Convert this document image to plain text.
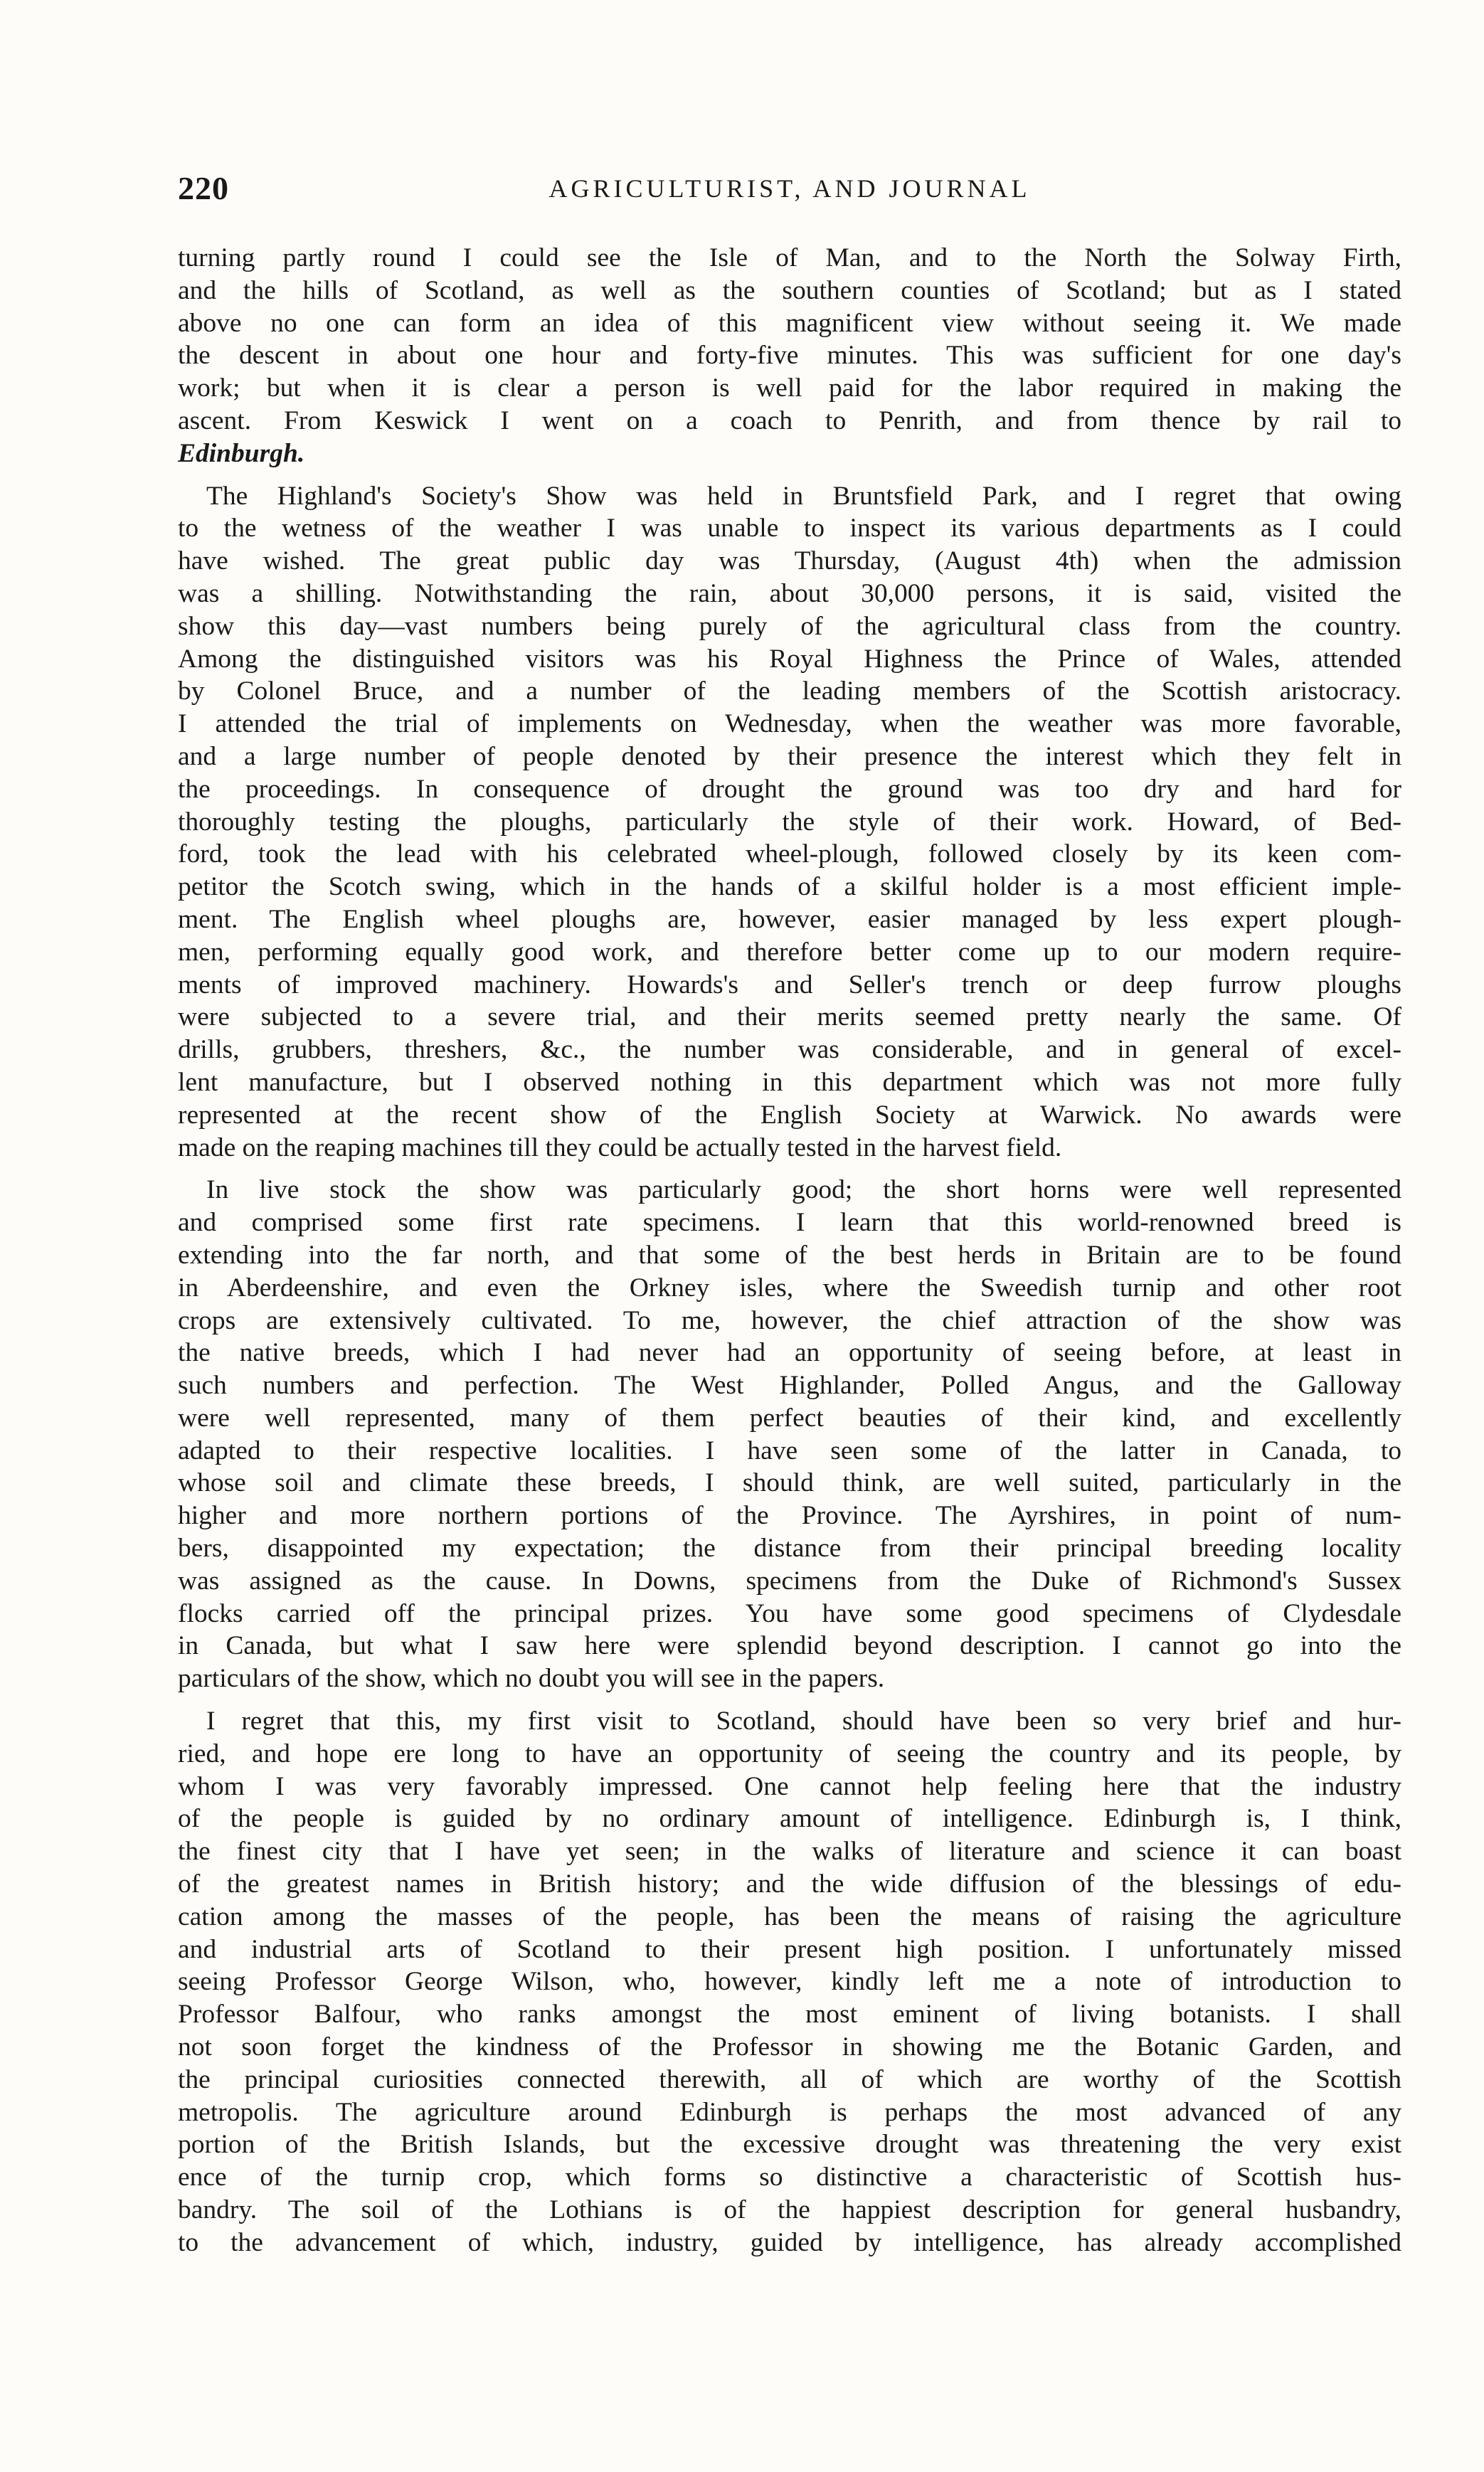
220	AGRICULTURIST, AND JOURNAL

turning partly round I could see the Isle of Man, and to the North the Solway Firth,
and the hills of Scotland, as well as the southern counties of Scotland; but as I stated
above no one can form an idea of this magnificent view without seeing it. We made
the descent in about one hour and forty-five minutes. This was sufficient for one day's
work; but when it is clear a person is well paid for the labor required in making the
ascent. From Keswick I went on a coach to Penrith, and from thence by rail to
Edinburgh.

The Highland's Society's Show was held in Bruntsfield Park, and I regret that owing
to the wetness of the weather I was unable to inspect its various departments as I could
have wished. The great public day was Thursday, (August 4th) when the admission
was a shilling. Notwithstanding the rain, about 30,000 persons, it is said, visited the
show this day—vast numbers being purely of the agricultural class from the country.
Among the distinguished visitors was his Royal Highness the Prince of Wales, attended
by Colonel Bruce, and a number of the leading members of the Scottish aristocracy.
I attended the trial of implements on Wednesday, when the weather was more favorable,
and a large number of people denoted by their presence the interest which they felt in
the proceedings. In consequence of drought the ground was too dry and hard for
thoroughly testing the ploughs, particularly the style of their work. Howard, of Bed-
ford, took the lead with his celebrated wheel-plough, followed closely by its keen com-
petitor the Scotch swing, which in the hands of a skilful holder is a most efficient imple-
ment. The English wheel ploughs are, however, easier managed by less expert plough-
men, performing equally good work, and therefore better come up to our modern require-
ments of improved machinery. Howards's and Seller's trench or deep furrow ploughs
were subjected to a severe trial, and their merits seemed pretty nearly the same. Of
drills, grubbers, threshers, &c., the number was considerable, and in general of excel-
lent manufacture, but I observed nothing in this department which was not more fully
represented at the recent show of the English Society at Warwick. No awards were
made on the reaping machines till they could be actually tested in the harvest field.

In live stock the show was particularly good; the short horns were well represented
and comprised some first rate specimens. I learn that this world-renowned breed is
extending into the far north, and that some of the best herds in Britain are to be found
in Aberdeenshire, and even the Orkney isles, where the Sweedish turnip and other root
crops are extensively cultivated. To me, however, the chief attraction of the show was
the native breeds, which I had never had an opportunity of seeing before, at least in
such numbers and perfection. The West Highlander, Polled Angus, and the Galloway
were well represented, many of them perfect beauties of their kind, and excellently
adapted to their respective localities. I have seen some of the latter in Canada, to
whose soil and climate these breeds, I should think, are well suited, particularly in the
higher and more northern portions of the Province. The Ayrshires, in point of num-
bers, disappointed my expectation; the distance from their principal breeding locality
was assigned as the cause. In Downs, specimens from the Duke of Richmond's Sussex
flocks carried off the principal prizes. You have some good specimens of Clydesdale
in Canada, but what I saw here were splendid beyond description. I cannot go into the
particulars of the show, which no doubt you will see in the papers.

I regret that this, my first visit to Scotland, should have been so very brief and hur-
ried, and hope ere long to have an opportunity of seeing the country and its people, by
whom I was very favorably impressed. One cannot help feeling here that the industry
of the people is guided by no ordinary amount of intelligence. Edinburgh is, I think,
the finest city that I have yet seen; in the walks of literature and science it can boast
of the greatest names in British history; and the wide diffusion of the blessings of edu-
cation among the masses of the people, has been the means of raising the agriculture
and industrial arts of Scotland to their present high position. I unfortunately missed
seeing Professor George Wilson, who, however, kindly left me a note of introduction to
Professor Balfour, who ranks amongst the most eminent of living botanists. I shall
not soon forget the kindness of the Professor in showing me the Botanic Garden, and
the principal curiosities connected therewith, all of which are worthy of the Scottish
metropolis. The agriculture around Edinburgh is perhaps the most advanced of any
portion of the British Islands, but the excessive drought was threatening the very exist
ence of the turnip crop, which forms so distinctive a characteristic of Scottish hus-
bandry. The soil of the Lothians is of the happiest description for general husbandry,
to the advancement of which, industry, guided by intelligence, has already accomplished
